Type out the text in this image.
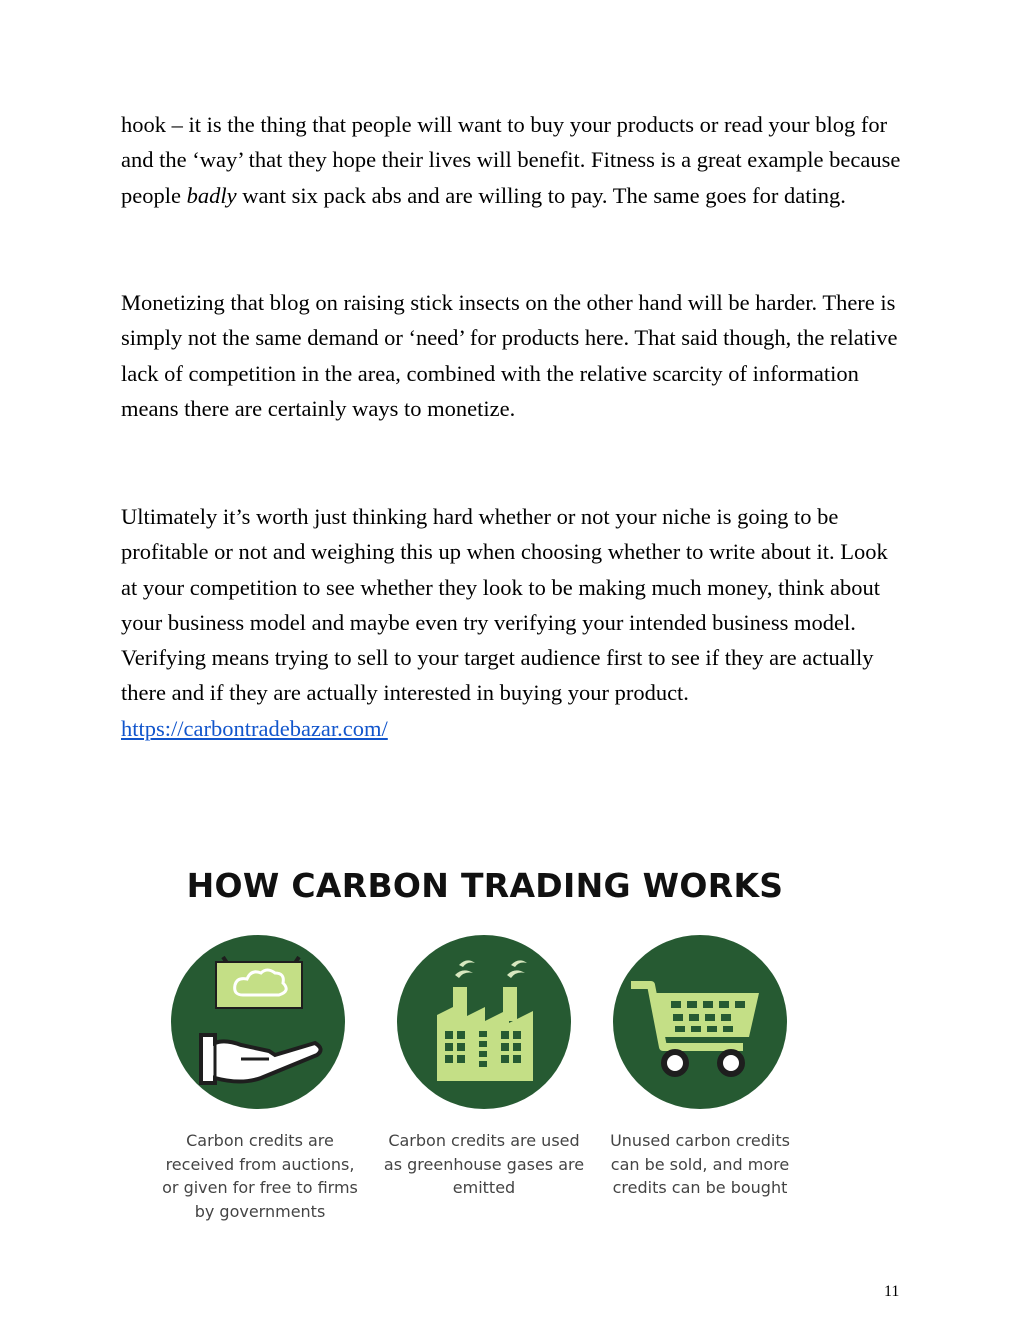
hook – it is the thing that people will want to buy your products or read your blog for and the ‘way’ that they hope their lives will benefit. Fitness is a great example because people badly want six pack abs and are willing to pay. The same goes for dating.

Monetizing that blog on raising stick insects on the other hand will be harder. There is simply not the same demand or ‘need’ for products here. That said though, the relative lack of competition in the area, combined with the relative scarcity of information means there are certainly ways to monetize.

Ultimately it’s worth just thinking hard whether or not your niche is going to be profitable or not and weighing this up when choosing whether to write about it. Look at your competition to see whether they look to be making much money, think about your business model and maybe even try verifying your intended business model. Verifying means trying to sell to your target audience first to see if they are actually there and if they are actually interested in buying your product.
https://carbontradebazar.com/
HOW CARBON TRADING WORKS
Carbon credits are received from auctions, or given for free to firms by governments
Carbon credits are used as greenhouse gases are emitted
Unused carbon credits can be sold, and more credits can be bought
11
